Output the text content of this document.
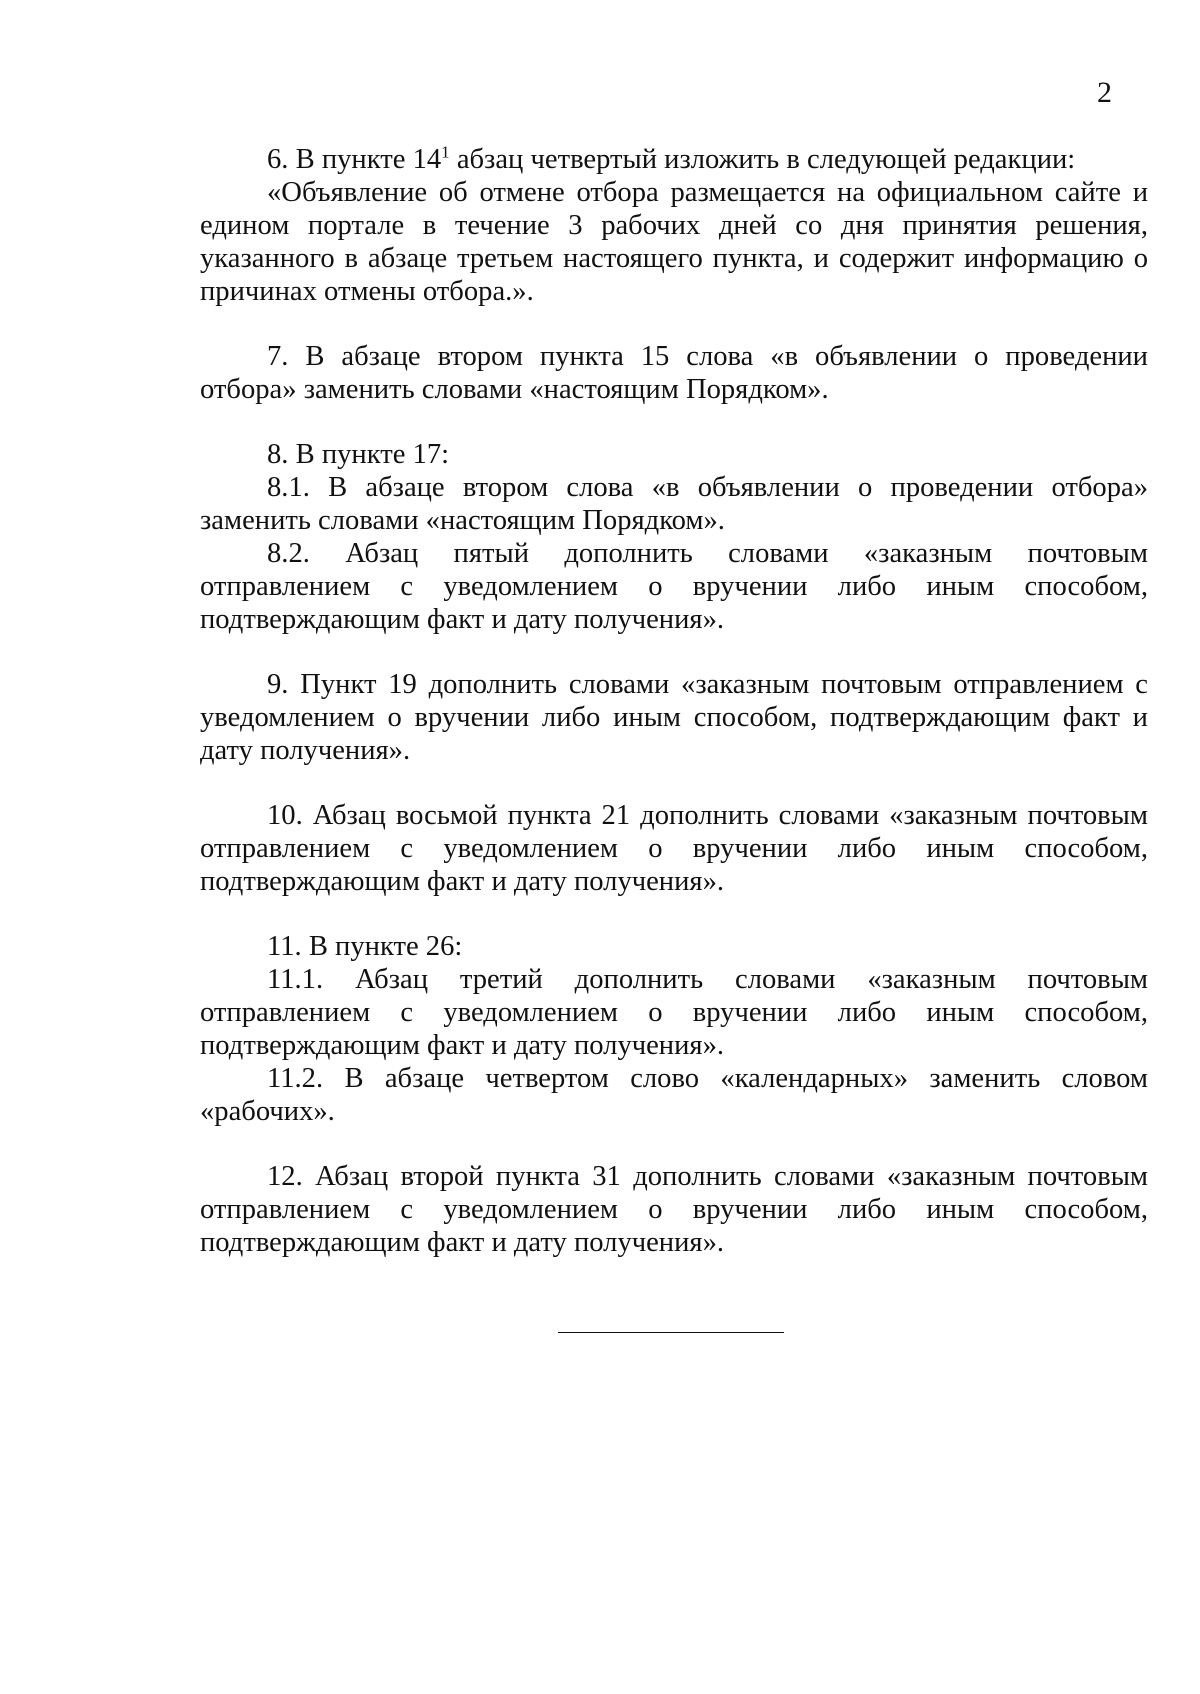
2

6. В пункте $14^1$ абзац четвертый изложить в следующей редакции:

«Объявление об отмене отбора размещается на официальном сайте и едином портале в течение 3 рабочих дней со дня принятия решения, указанного в абзаце третьем настоящего пункта, и содержит информацию о причинах отмены отбора.».

7. В абзаце втором пункта 15 слова «в объявлении о проведении отбора» заменить словами «настоящим Порядком».

8. В пункте 17:

8.1. В абзаце втором слова «в объявлении о проведении отбора» заменить словами «настоящим Порядком».

8.2. Абзац пятый дополнить словами «заказным почтовым отправлением с уведомлением о вручении либо иным способом, подтверждающим факт и дату получения».

9. Пункт 19 дополнить словами «заказным почтовым отправлением с уведомлением о вручении либо иным способом, подтверждающим факт и дату получения».

10. Абзац восьмой пункта 21 дополнить словами «заказным почтовым отправлением с уведомлением о вручении либо иным способом, подтверждающим факт и дату получения».

11. В пункте 26:

11.1. Абзац третий дополнить словами «заказным почтовым отправлением с уведомлением о вручении либо иным способом, подтверждающим факт и дату получения».

11.2. В абзаце четвертом слово «календарных» заменить словом «рабочих».

12. Абзац второй пункта 31 дополнить словами «заказным почтовым отправлением с уведомлением о вручении либо иным способом, подтверждающим факт и дату получения».
